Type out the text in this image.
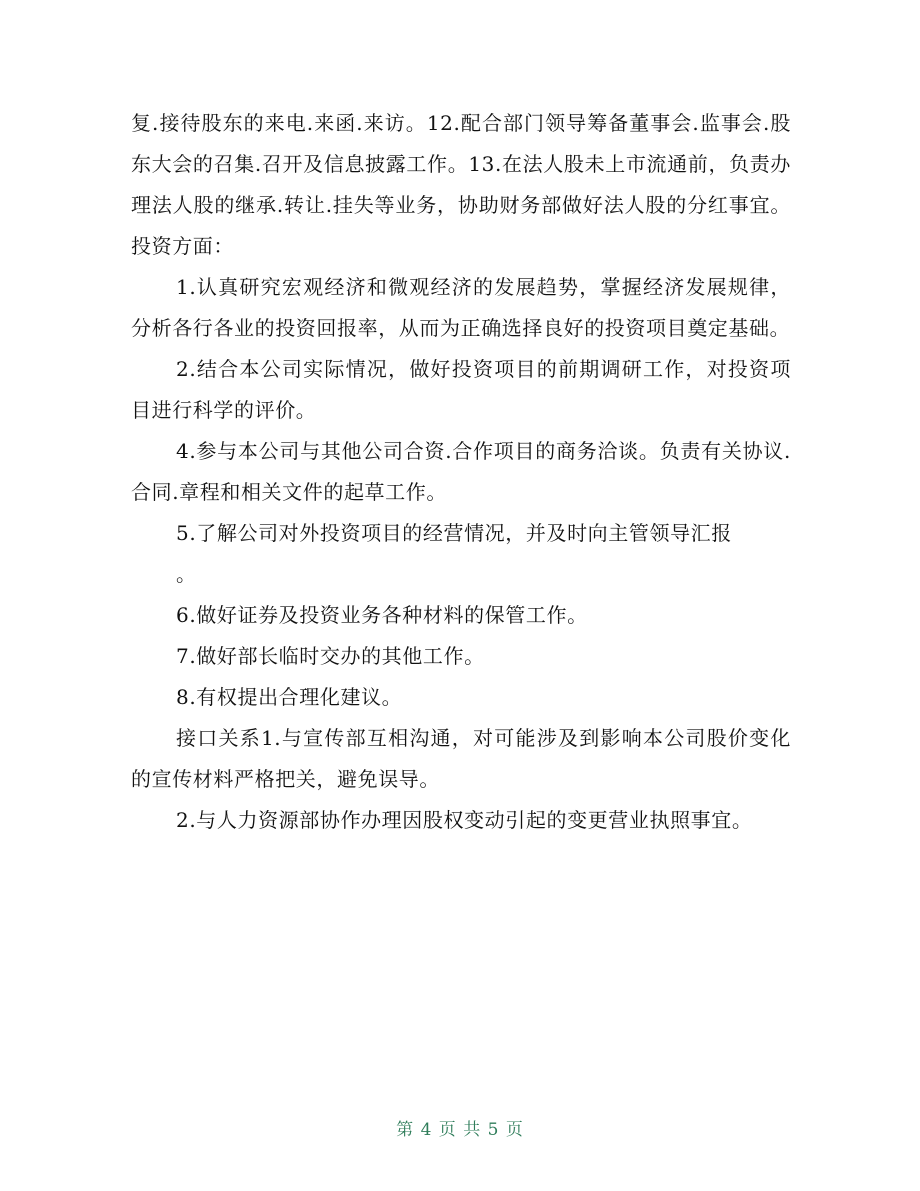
复.接待股东的来电.来函.来访。12.配合部门领导筹备董事会.监事会.股东大会的召集.召开及信息披露工作。13.在法人股未上市流通前，负责办理法人股的继承.转让.挂失等业务，协助财务部做好法人股的分红事宜。投资方面：

1.认真研究宏观经济和微观经济的发展趋势，掌握经济发展规律，分析各行各业的投资回报率，从而为正确选择良好的投资项目奠定基础。

2.结合本公司实际情况，做好投资项目的前期调研工作，对投资项目进行科学的评价。

4.参与本公司与其他公司合资.合作项目的商务洽谈。负责有关协议.合同.章程和相关文件的起草工作。

5.了解公司对外投资项目的经营情况，并及时向主管领导汇报

。

6.做好证券及投资业务各种材料的保管工作。

7.做好部长临时交办的其他工作。

8.有权提出合理化建议。

接口关系1.与宣传部互相沟通，对可能涉及到影响本公司股价变化的宣传材料严格把关，避免误导。

2.与人力资源部协作办理因股权变动引起的变更营业执照事宜。

第 4 页 共 5 页
